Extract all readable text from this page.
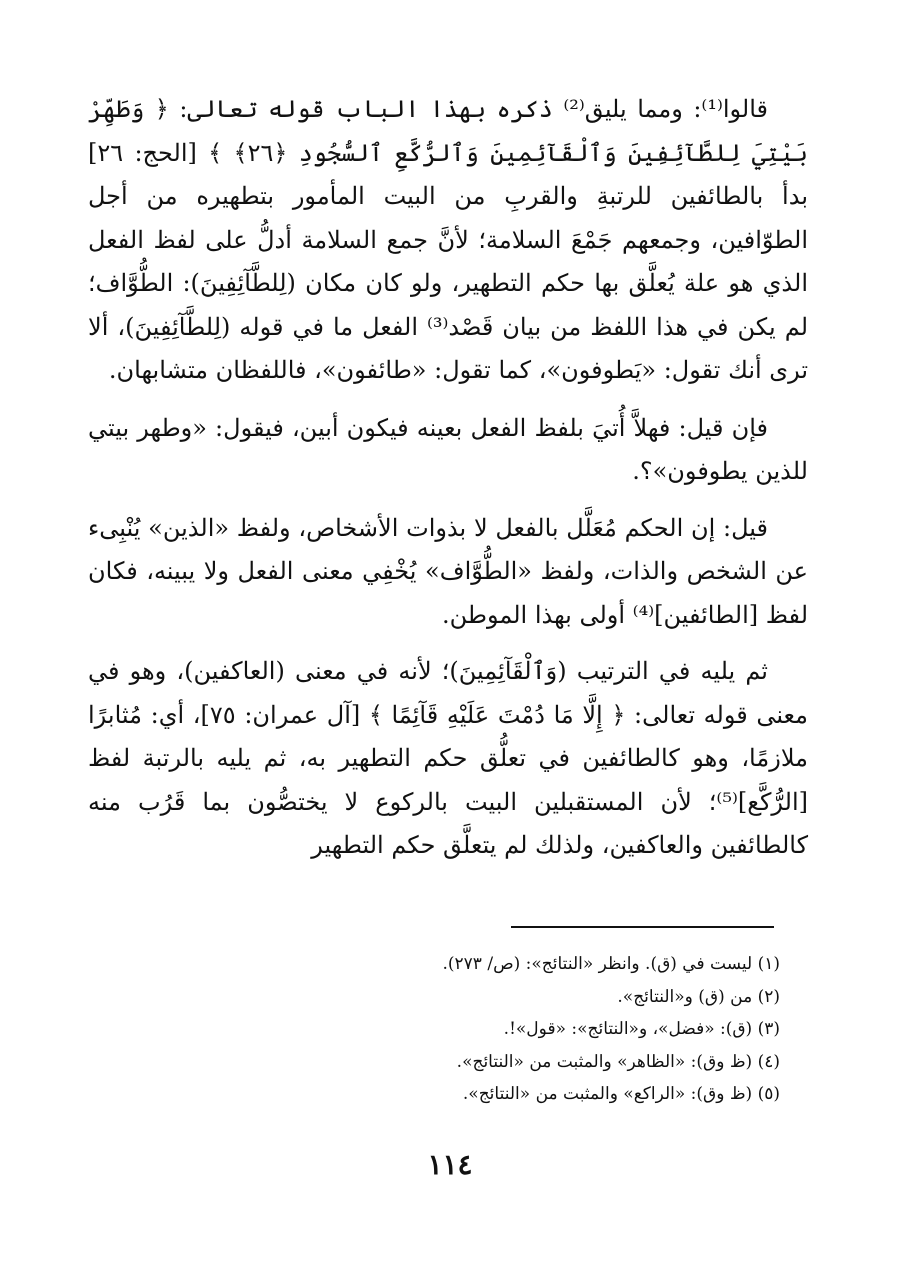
قالوا⁽¹⁾: ومما يليق⁽²⁾ ذكره بهذا الباب قوله تعالى: ﴿ وَطَهِّرْ بَيْتِيَ لِلطَّآئِفِينَ وَٱلْقَآئِمِينَ وَٱلرُّكَّعِ ٱلسُّجُودِ ﴿٢٦﴾ ﴾ [الحج: ٢٦] بدأ بالطائفين للرتبةِ والقربِ من البيت المأمور بتطهيره من أجل الطوّافين، وجمعهم جَمْعَ السلامة؛ لأنَّ جمع السلامة أدلُّ على لفظ الفعل الذي هو علة يُعلَّق بها حكم التطهير، ولو كان مكان (لِلطَّآئِفِينَ): الطُّوَّاف؛ لم يكن في هذا اللفظ من بيان قَصْد⁽³⁾ الفعل ما في قوله (لِلطَّآئِفِينَ)، ألا ترى أنك تقول: «يَطوفون»، كما تقول: «طائفون»، فاللفظان متشابهان.

فإن قيل: فهلاَّ أُتيَ بلفظ الفعل بعينه فيكون أبين، فيقول: «وطهر بيتي للذين يطوفون»؟.

قيل: إن الحكم مُعَلَّل بالفعل لا بذوات الأشخاص، ولفظ «الذين» يُنْبِىء عن الشخص والذات، ولفظ «الطُّوَّاف» يُخْفِي معنى الفعل ولا يبينه، فكان لفظ [الطائفين]⁽⁴⁾ أولى بهذا الموطن.

ثم يليه في الترتيب (وَٱلْقَآئِمِينَ)؛ لأنه في معنى (العاكفين)، وهو في معنى قوله تعالى: ﴿ إِلَّا مَا دُمْتَ عَلَيْهِ قَآئِمًا ﴾ [آل عمران: ٧٥]، أي: مُثابرًا ملازمًا، وهو كالطائفين في تعلُّق حكم التطهير به، ثم يليه بالرتبة لفظ [الرُّكَّع]⁽⁵⁾؛ لأن المستقبلين البيت بالركوع لا يختصُّون بما قَرُب منه كالطائفين والعاكفين، ولذلك لم يتعلَّق حكم التطهير

(١) ليست في (ق). وانظر «النتائج»: (ص/ ٢٧٣).
(٢) من (ق) و«النتائج».
(٣) (ق): «فضل»، و«النتائج»: «قول»!.
(٤) (ظ وق): «الظاهر» والمثبت من «النتائج».
(٥) (ظ وق): «الراكع» والمثبت من «النتائج».
١١٤
